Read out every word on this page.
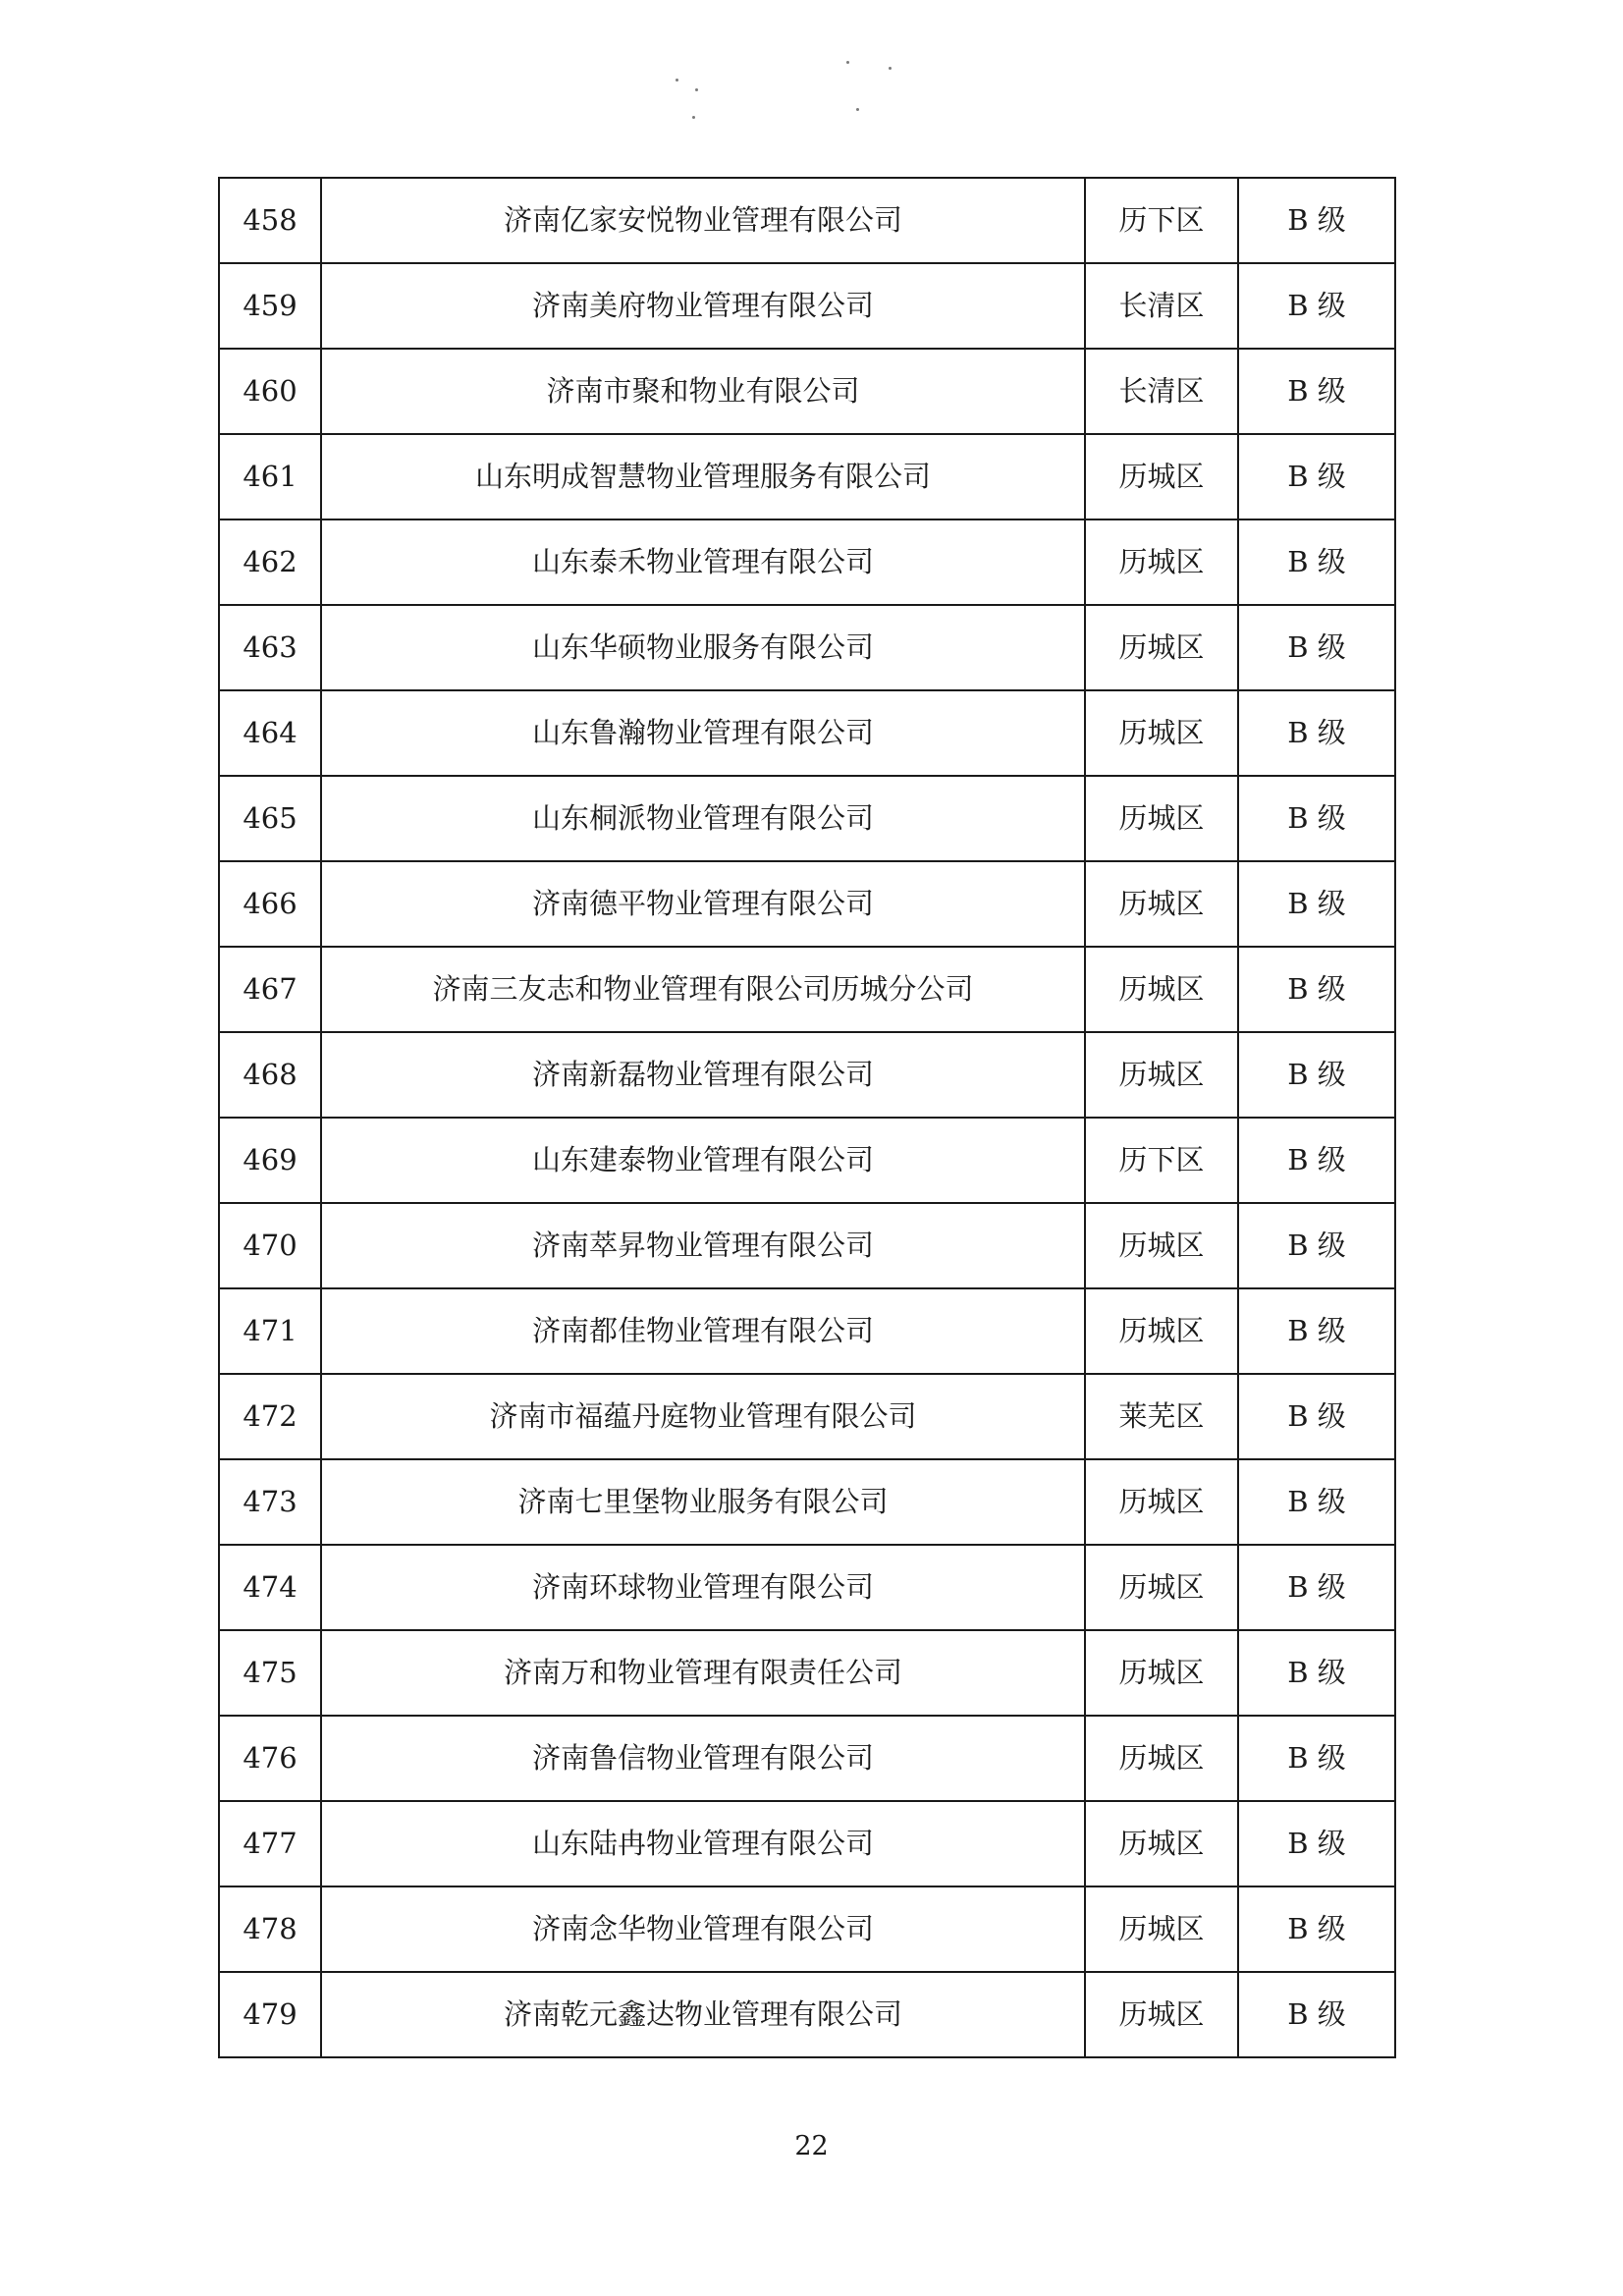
458	济南亿家安悦物业管理有限公司	历下区	B 级
459	济南美府物业管理有限公司	长清区	B 级
460	济南市聚和物业有限公司	长清区	B 级
461	山东明成智慧物业管理服务有限公司	历城区	B 级
462	山东泰禾物业管理有限公司	历城区	B 级
463	山东华硕物业服务有限公司	历城区	B 级
464	山东鲁瀚物业管理有限公司	历城区	B 级
465	山东桐派物业管理有限公司	历城区	B 级
466	济南德平物业管理有限公司	历城区	B 级
467	济南三友志和物业管理有限公司历城分公司	历城区	B 级
468	济南新磊物业管理有限公司	历城区	B 级
469	山东建泰物业管理有限公司	历下区	B 级
470	济南萃昇物业管理有限公司	历城区	B 级
471	济南都佳物业管理有限公司	历城区	B 级
472	济南市福蕴丹庭物业管理有限公司	莱芜区	B 级
473	济南七里堡物业服务有限公司	历城区	B 级
474	济南环球物业管理有限公司	历城区	B 级
475	济南万和物业管理有限责任公司	历城区	B 级
476	济南鲁信物业管理有限公司	历城区	B 级
477	山东陆冉物业管理有限公司	历城区	B 级
478	济南念华物业管理有限公司	历城区	B 级
479	济南乾元鑫达物业管理有限公司	历城区	B 级
22
